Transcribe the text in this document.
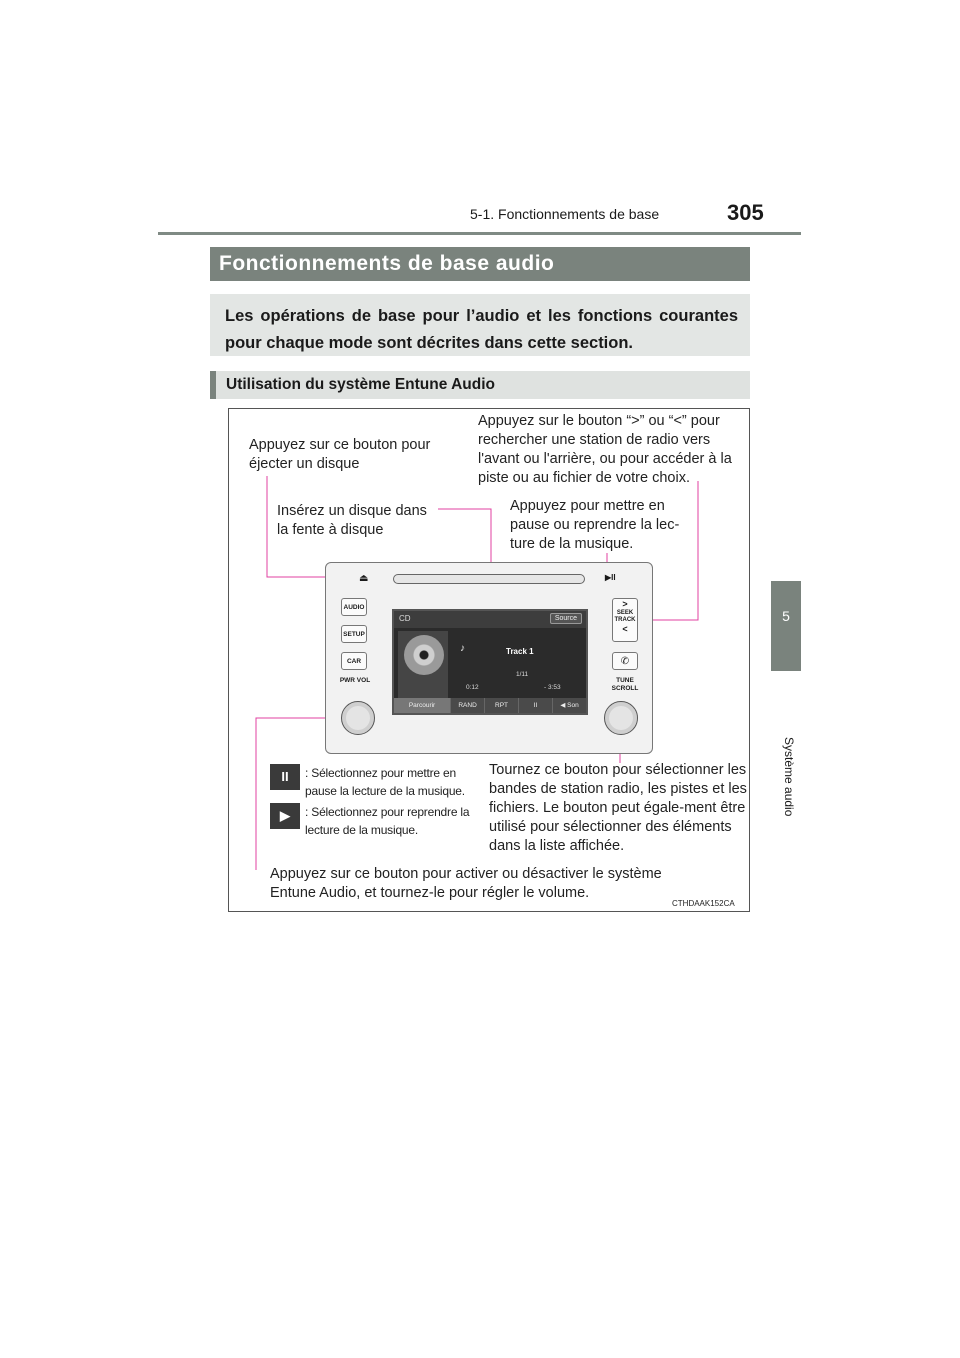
305
5-1. Fonctionnements de base
5
Système audio
Fonctionnements de base audio
Les opérations de base pour l’audio et les fonctions courantes pour chaque mode sont décrites dans cette section.
Utilisation du système Entune Audio
Appuyez sur ce bouton pour éjecter un disque
Appuyez sur le bouton “>” ou “<” pour rechercher une station de radio vers l'avant ou l'arrière, ou pour accéder à la piste ou au fichier de votre choix.
Insérez un disque dans la fente à disque
Appuyez pour mettre en pause ou reprendre la lec-ture de la musique.
Tournez ce bouton pour sélectionner les bandes de station radio, les pistes et les fichiers. Le bouton peut égale-ment être utilisé pour sélectionner des éléments dans la liste affichée.
Appuyez sur ce bouton pour activer ou désactiver le système Entune Audio, et tournez-le pour régler le volume.
II	: Sélectionnez pour mettre en pause la lecture de la musique.
▶	: Sélectionnez pour reprendre la lecture de la musique.
CTHDAAK152CA
⏏	▶II
AUDIO
SETUP
CAR
PWR VOL
>
SEEK TRACK
<
✆
TUNE SCROLL
CD	Source
♪	Track 1
1/11
0:12	- 3:53
Parcourir	RAND	RPT	II	◀ Son
